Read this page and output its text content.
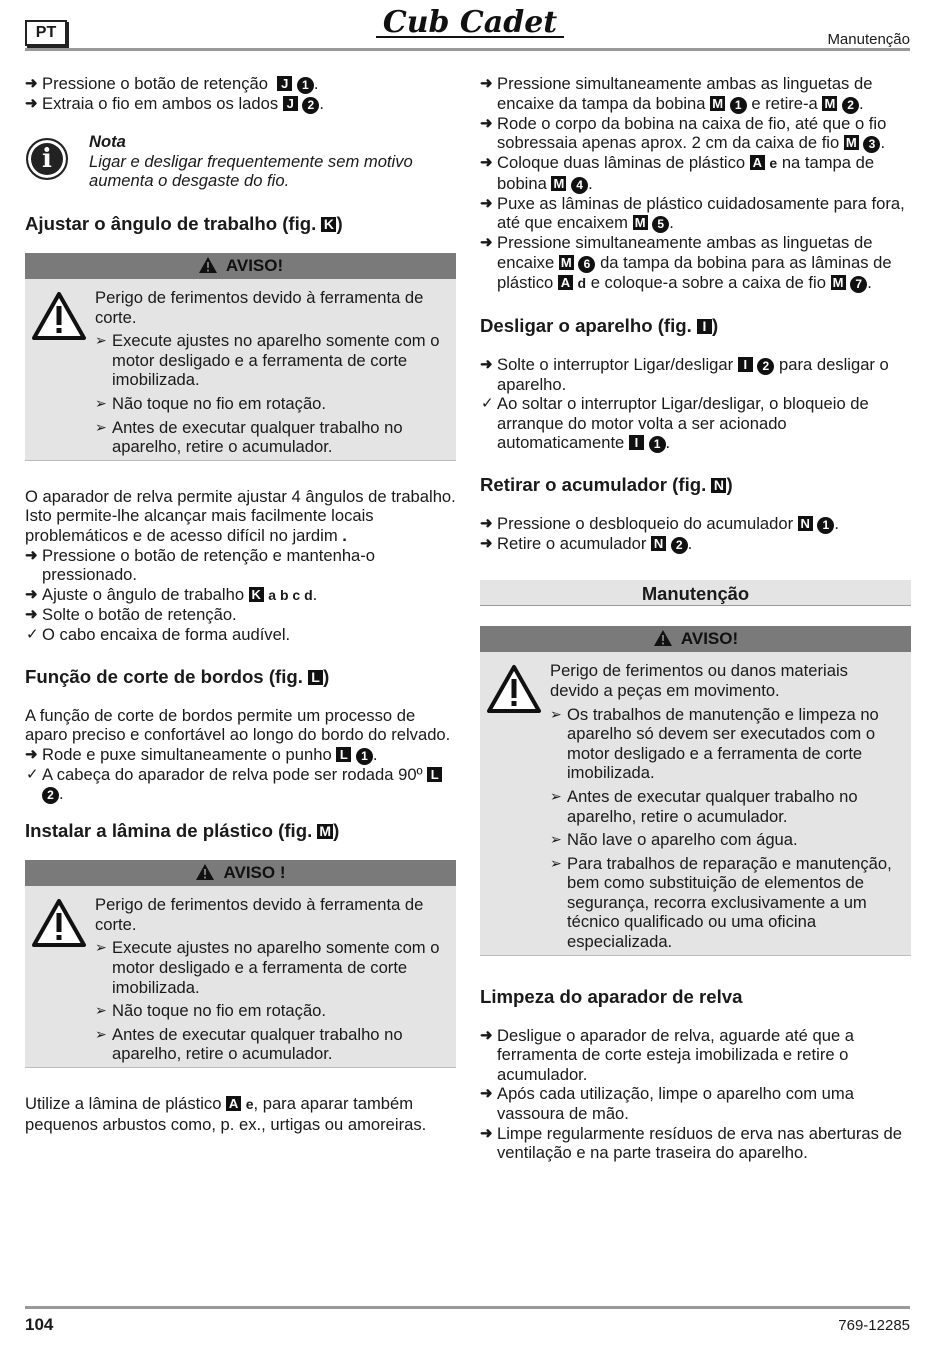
PT	Cub Cadet	Manutenção
➜ Pressione o botão de retenção J 1 .
➜ Extraia o fio em ambos os lados J 2 .
i
Nota
Ligar e desligar frequentemente sem motivo aumenta o desgaste do fio.
Ajustar o ângulo de trabalho (fig. K )
AVISO!
Perigo de ferimentos devido à ferramenta de corte.
➢ Execute ajustes no aparelho somente com o motor desligado e a ferramenta de corte imobilizada.
➢ Não toque no fio em rotação.
➢ Antes de executar qualquer trabalho no aparelho, retire o acumulador.
O aparador de relva permite ajustar 4 ângulos de trabalho. Isto permite-lhe alcançar mais facilmente locais problemáticos e de acesso difícil no jardim .
➜ Pressione o botão de retenção e mantenha-o pressionado.
➜ Ajuste o ângulo de trabalho K a b c d.
➜ Solte o botão de retenção.
✓ O cabo encaixa de forma audível.
Função de corte de bordos (fig. L )
A função de corte de bordos permite um processo de aparo preciso e confortável ao longo do bordo do relvado.
➜ Rode e puxe simultaneamente o punho L 1 .
✓ A cabeça do aparador de relva pode ser rodada 90º L 2 .
Instalar a lâmina de plástico (fig. M )
AVISO !
Perigo de ferimentos devido à ferramenta de corte.
➢ Execute ajustes no aparelho somente com o motor desligado e a ferramenta de corte imobilizada.
➢ Não toque no fio em rotação.
➢ Antes de executar qualquer trabalho no aparelho, retire o acumulador.
Utilize a lâmina de plástico A e, para aparar também pequenos arbustos como, p. ex., urtigas ou amoreiras.
➜ Pressione simultaneamente ambas as linguetas de encaixe da tampa da bobina M 1 e retire-a M 2 .
➜ Rode o corpo da bobina na caixa de fio, até que o fio sobressaia apenas aprox. 2 cm da caixa de fio M 3 .
➜ Coloque duas lâminas de plástico A e na tampa de bobina M 4 .
➜ Puxe as lâminas de plástico cuidadosamente para fora, até que encaixem M 5 .
➜ Pressione simultaneamente ambas as linguetas de encaixe M 6 da tampa da bobina para as lâminas de plástico A d e coloque-a sobre a caixa de fio M 7 .
Desligar o aparelho (fig. I )
➜ Solte o interruptor Ligar/desligar I 2 para desligar o aparelho.
✓ Ao soltar o interruptor Ligar/desligar, o bloqueio de arranque do motor volta a ser acionado automaticamente I 1 .
Retirar o acumulador (fig. N )
➜ Pressione o desbloqueio do acumulador N 1 .
➜ Retire o acumulador N 2 .
Manutenção
AVISO!
Perigo de ferimentos ou danos materiais devido a peças em movimento.
➢ Os trabalhos de manutenção e limpeza no aparelho só devem ser executados com o motor desligado e a ferramenta de corte imobilizada.
➢ Antes de executar qualquer trabalho no aparelho, retire o acumulador.
➢ Não lave o aparelho com água.
➢ Para trabalhos de reparação e manutenção, bem como substituição de elementos de segurança, recorra exclusivamente a um técnico qualificado ou uma oficina especializada.
Limpeza do aparador de relva
➜ Desligue o aparador de relva, aguarde até que a ferramenta de corte esteja imobilizada e retire o acumulador.
➜ Após cada utilização, limpe o aparelho com uma vassoura de mão.
➜ Limpe regularmente resíduos de erva nas aberturas de ventilação e na parte traseira do aparelho.
104	769-12285
